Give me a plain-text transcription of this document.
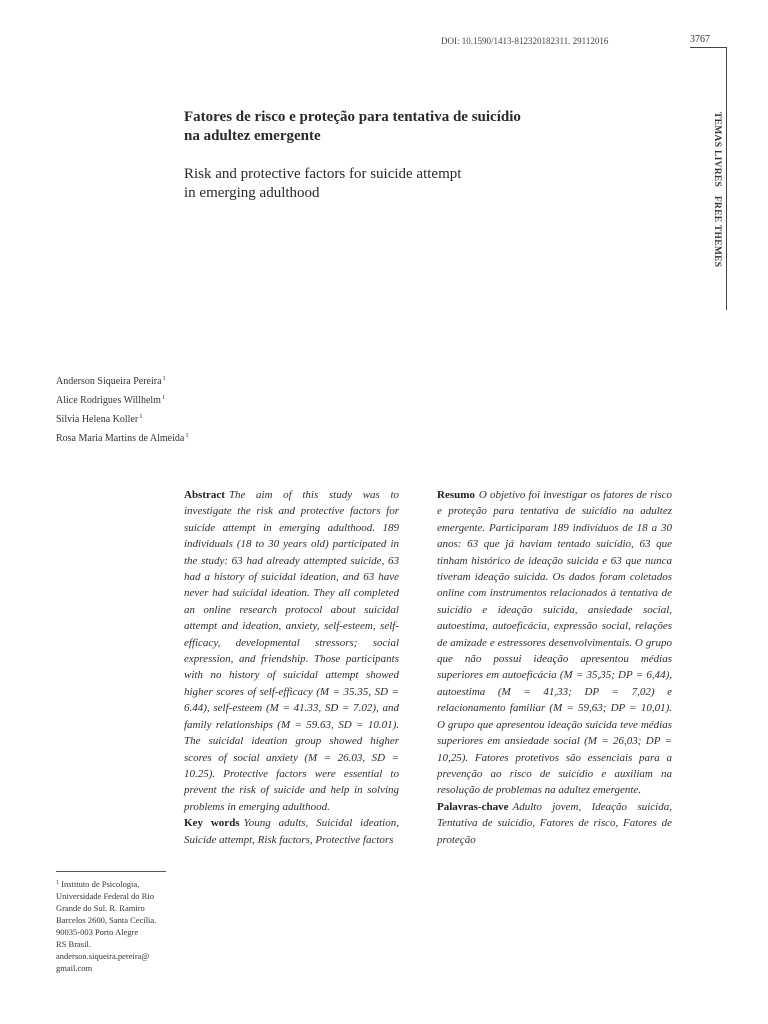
DOI: 10.1590/1413-812320182311. 29112016	3767
TEMAS LIVRES FREE THEMES
Fatores de risco e proteção para tentativa de suicídio
na adultez emergente
Risk and protective factors for suicide attempt
in emerging adulthood
Anderson Siqueira Pereira$^1$
Alice Rodrigues Willhelm$^1$
Silvia Helena Koller$^1$
Rosa Maria Martins de Almeida$^1$

Abstract The aim of this study was to investigate the risk and protective factors for suicide attempt in emerging adulthood. 189 individuals (18 to 30 years old) participated in the study: 63 had already attempted suicide, 63 had a history of suicidal ideation, and 63 have never had suicidal ideation. They all completed an online research protocol about suicidal attempt and ideation, anxiety, self-esteem, self-efficacy, developmental stressors; social expression, and friendship. Those participants with no history of suicidal attempt showed higher scores of self-efficacy (M = 35.35, SD = 6.44), self-esteem (M = 41.33, SD = 7.02), and family relationships (M = 59.63, SD = 10.01). The suicidal ideation group showed higher scores of social anxiety (M = 26.03, SD = 10.25). Protective factors were essential to prevent the risk of suicide and help in solving problems in emerging adulthood.

Key words Young adults, Suicidal ideation, Suicide attempt, Risk factors, Protective factors

Resumo O objetivo foi investigar os fatores de risco e proteção para tentativa de suicídio na adultez emergente. Participaram 189 indivíduos de 18 a 30 anos: 63 que já haviam tentado suicídio, 63 que tinham histórico de ideação suicida e 63 que nunca tiveram ideação suicida. Os dados foram coletados online com instrumentos relacionados à tentativa de suicídio e ideação suicida, ansiedade social, autoestima, autoeficácia, expressão social, relações de amizade e estressores desenvolvimentais. O grupo que não possui ideação apresentou médias superiores em autoeficácia (M = 35,35; DP = 6,44), autoestima (M = 41,33; DP = 7,02) e relacionamento familiar (M = 59,63; DP = 10,01). O grupo que apresentou ideação suicida teve médias superiores em ansiedade social (M = 26,03; DP = 10,25). Fatores protetivos são essenciais para a prevenção ao risco de suicídio e auxiliam na resolução de problemas na adultez emergente.

Palavras-chave Adulto jovem, Ideação suicida, Tentativa de suicídio, Fatores de risco, Fatores de proteção

$^1$ Instituto de Psicologia,
Universidade Federal do Rio
Grande do Sul. R. Ramiro
Barcelos 2600, Santa Cecília.
90035-003 Porto Alegre
RS Brasil.
anderson.siqueira.pereira@
gmail.com
